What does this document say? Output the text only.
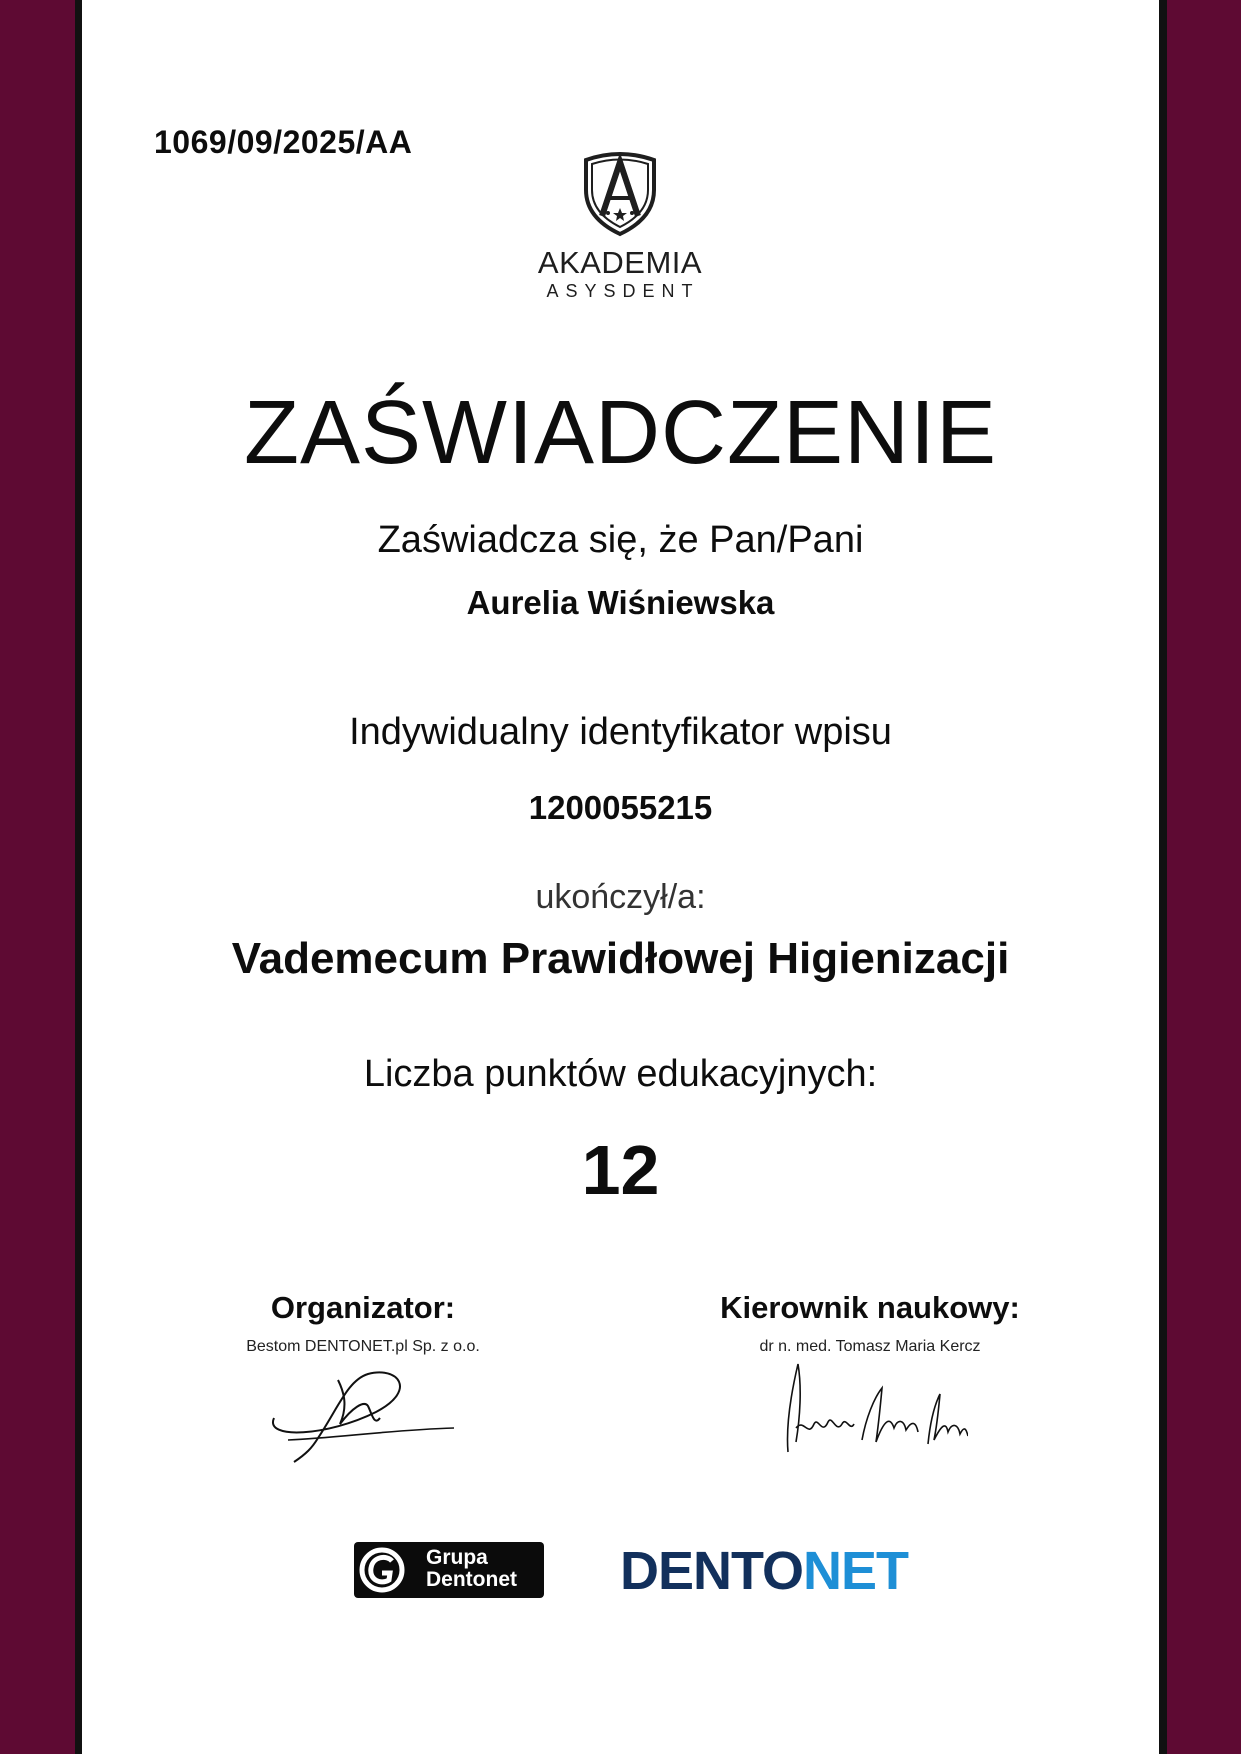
1069/09/2025/AA
AKADEMIA
ASYSDENT
ZAŚWIADCZENIE
Zaświadcza się, że Pan/Pani
Aurelia Wiśniewska
Indywidualny identyfikator wpisu
1200055215
ukończył/a:
Vademecum Prawidłowej Higienizacji
Liczba punktów edukacyjnych:
12
Organizator:
Bestom DENTONET.pl Sp. z o.o.
Kierownik naukowy:
dr n. med. Tomasz Maria Kercz
Grupa
Dentonet DENTONET
